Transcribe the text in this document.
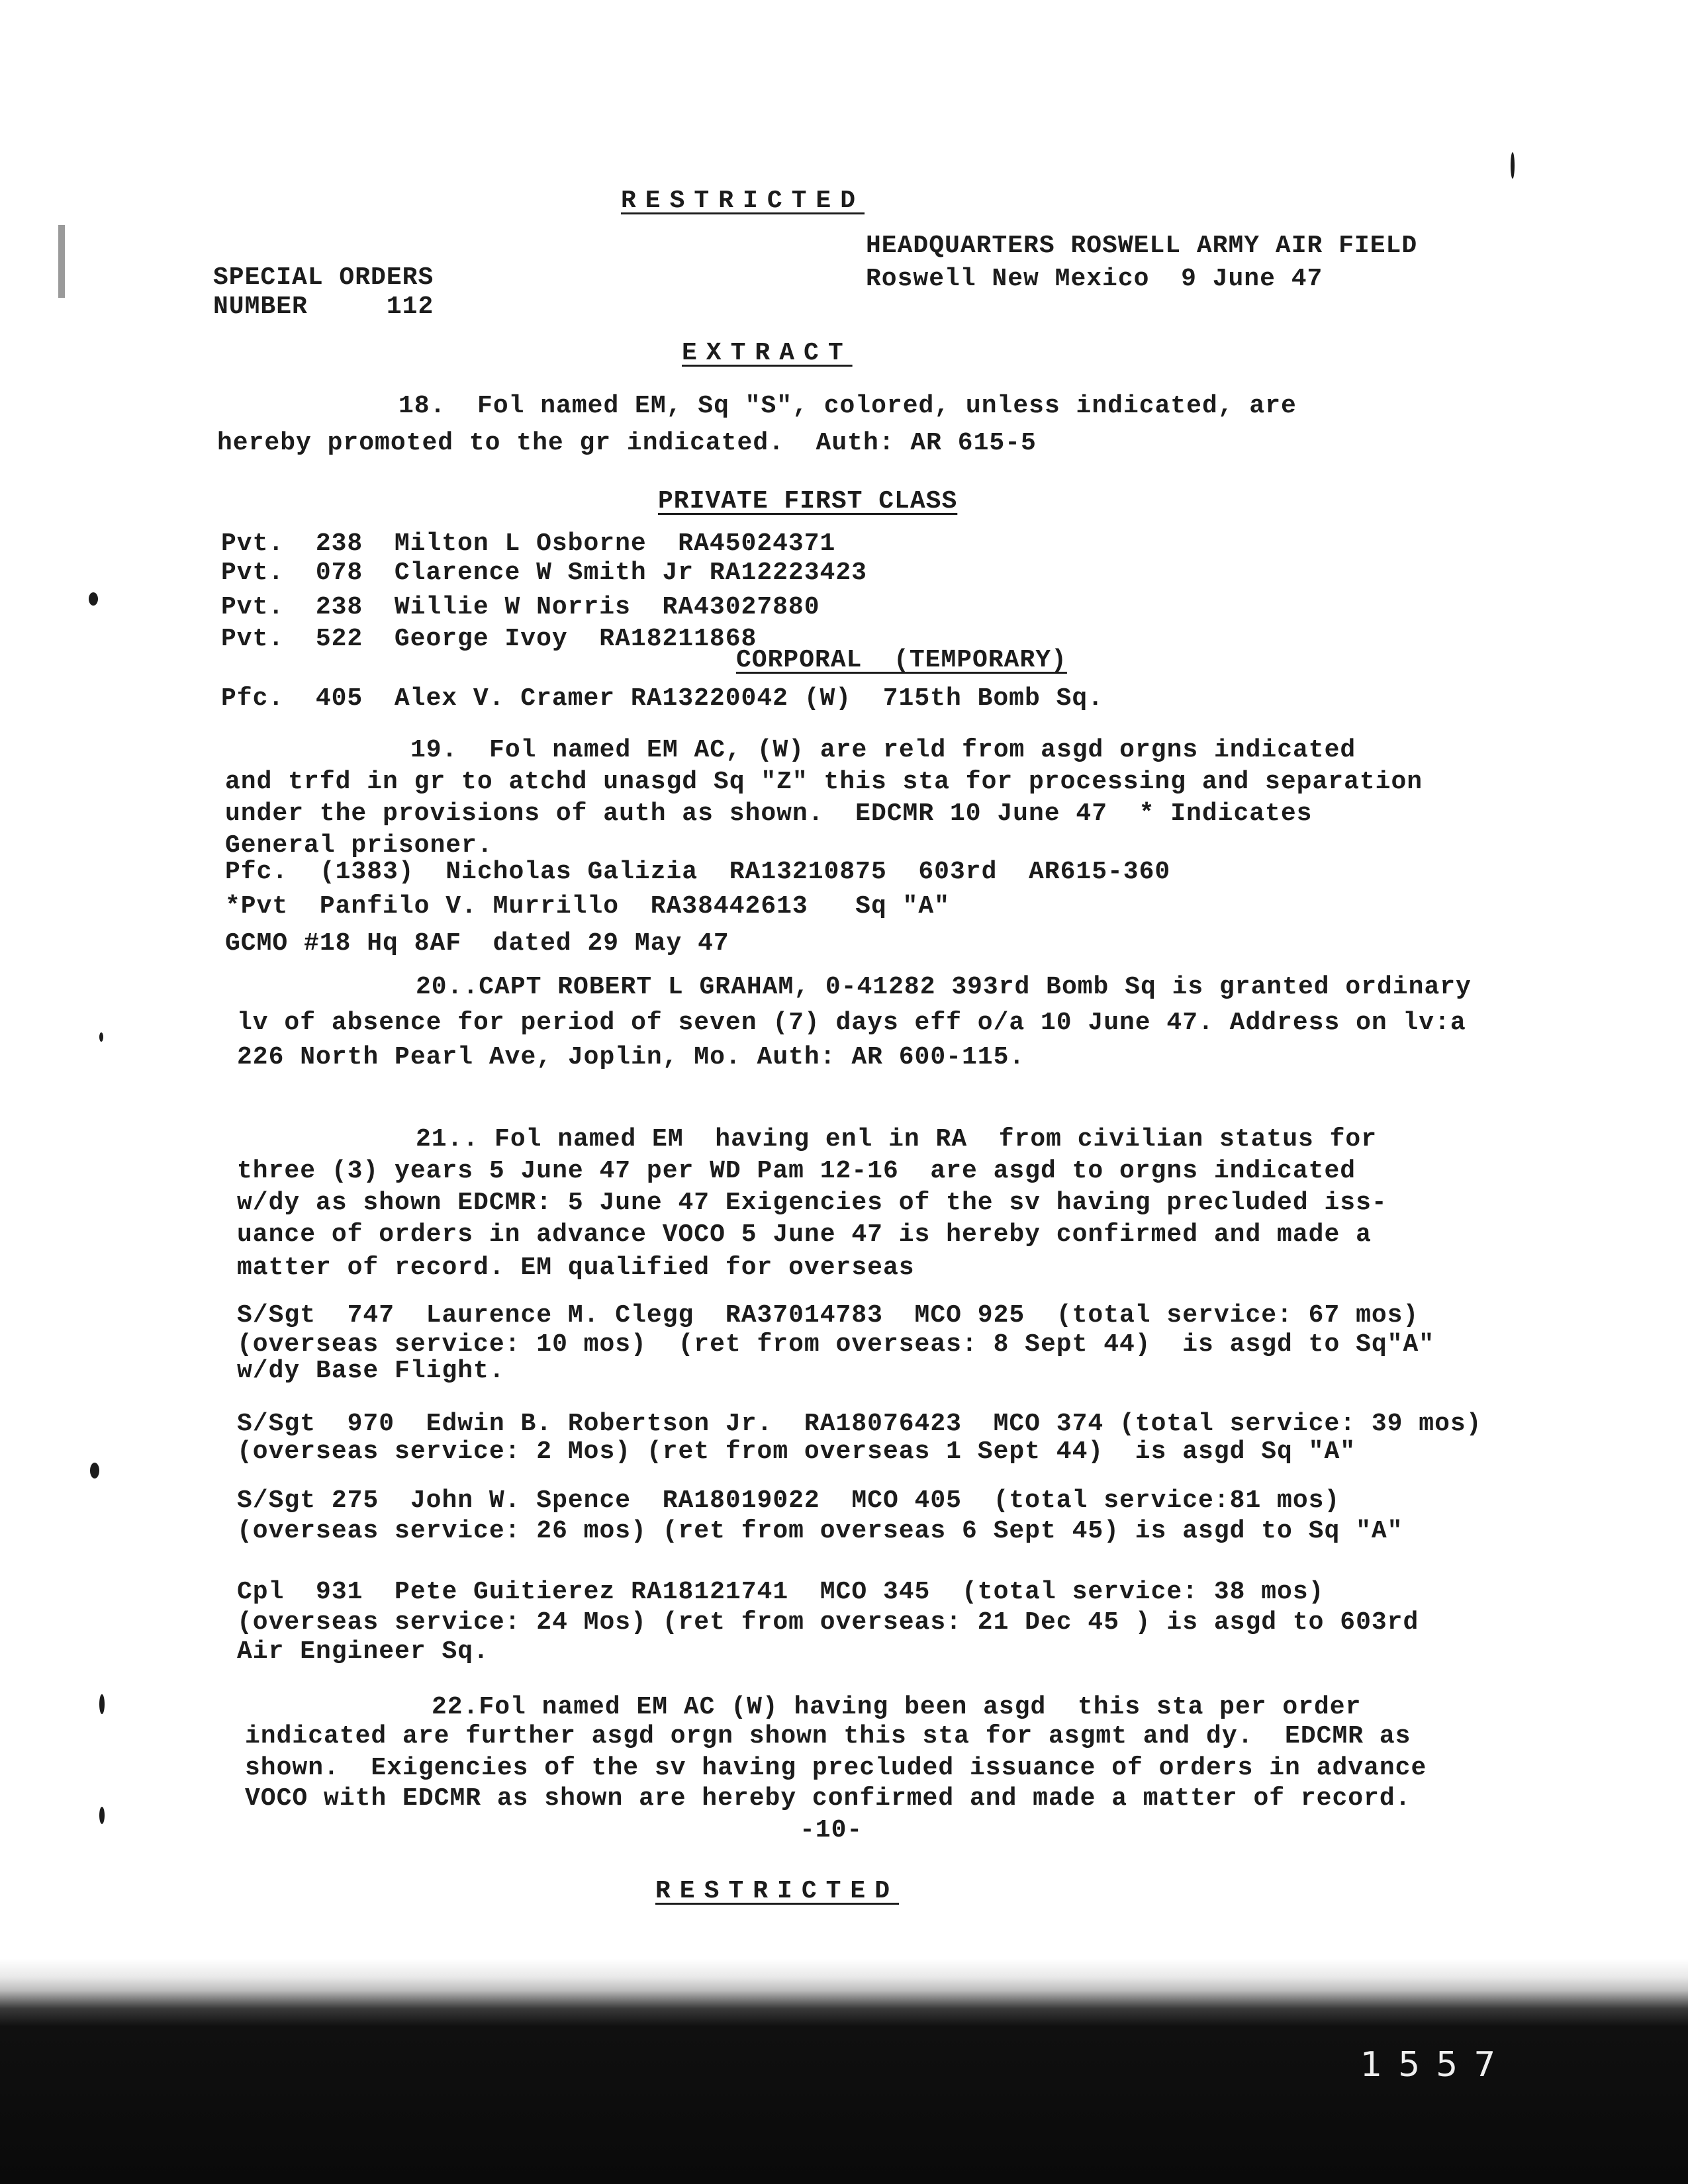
RESTRICTED
SPECIAL ORDERS
NUMBER     112
HEADQUARTERS ROSWELL ARMY AIR FIELD
Roswell New Mexico  9 June 47
EXTRACT
18.  Fol named EM, Sq "S", colored, unless indicated, are
hereby promoted to the gr indicated.  Auth: AR 615-5
PRIVATE FIRST CLASS
Pvt.  238  Milton L Osborne  RA45024371
Pvt.  078  Clarence W Smith Jr RA12223423
Pvt.  238  Willie W Norris  RA43027880
Pvt.  522  George Ivoy  RA18211868
CORPORAL  (TEMPORARY)
Pfc.  405  Alex V. Cramer RA13220042 (W)  715th Bomb Sq.
19.  Fol named EM AC, (W) are reld from asgd orgns indicated
and trfd in gr to atchd unasgd Sq "Z" this sta for processing and separation
under the provisions of auth as shown.  EDCMR 10 June 47  * Indicates
General prisoner.
Pfc.  (1383)  Nicholas Galizia  RA13210875  603rd  AR615-360
*Pvt  Panfilo V. Murrillo  RA38442613   Sq "A"
GCMO #18 Hq 8AF  dated 29 May 47
20..CAPT ROBERT L GRAHAM, 0-41282 393rd Bomb Sq is granted ordinary
lv of absence for period of seven (7) days eff o/a 10 June 47. Address on lv:a
226 North Pearl Ave, Joplin, Mo. Auth: AR 600-115.
21.. Fol named EM  having enl in RA  from civilian status for
three (3) years 5 June 47 per WD Pam 12-16  are asgd to orgns indicated
w/dy as shown EDCMR: 5 June 47 Exigencies of the sv having precluded iss-
uance of orders in advance VOCO 5 June 47 is hereby confirmed and made a
matter of record. EM qualified for overseas
S/Sgt  747  Laurence M. Clegg  RA37014783  MCO 925  (total service: 67 mos)
(overseas service: 10 mos)  (ret from overseas: 8 Sept 44)  is asgd to Sq"A"
w/dy Base Flight.
S/Sgt  970  Edwin B. Robertson Jr.  RA18076423  MCO 374 (total service: 39 mos)
(overseas service: 2 Mos) (ret from overseas 1 Sept 44)  is asgd Sq "A"
S/Sgt 275  John W. Spence  RA18019022  MCO 405  (total service:81 mos)
(overseas service: 26 mos) (ret from overseas 6 Sept 45) is asgd to Sq "A"
Cpl  931  Pete Guitierez RA18121741  MCO 345  (total service: 38 mos)
(overseas service: 24 Mos) (ret from overseas: 21 Dec 45 ) is asgd to 603rd
Air Engineer Sq.
22.Fol named EM AC (W) having been asgd  this sta per order
indicated are further asgd orgn shown this sta for asgmt and dy.  EDCMR as
shown.  Exigencies of the sv having precluded issuance of orders in advance
VOCO with EDCMR as shown are hereby confirmed and made a matter of record.
-10-
RESTRICTED
1557
